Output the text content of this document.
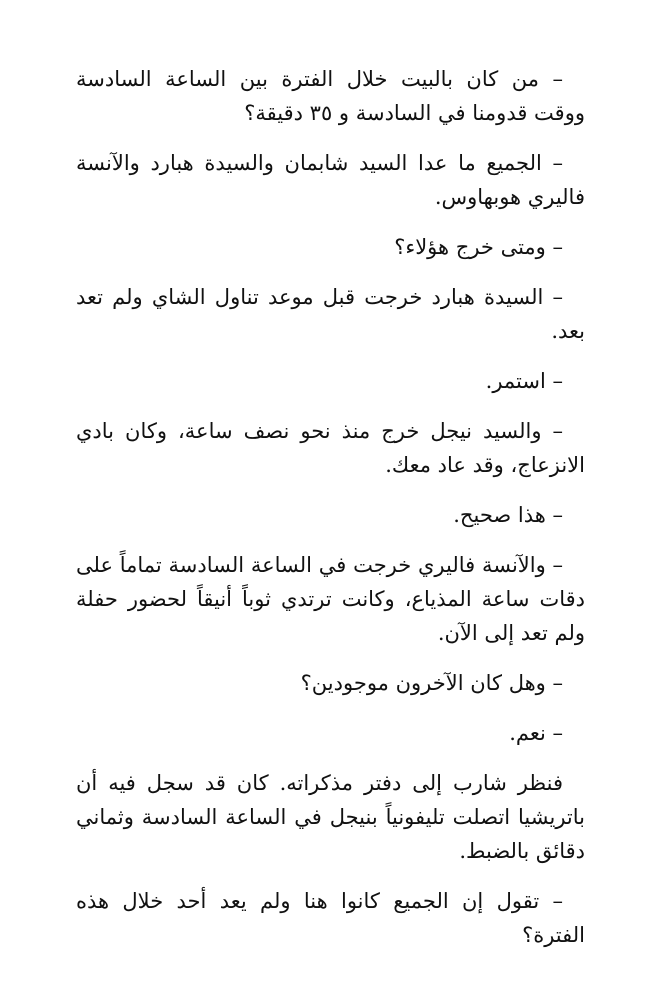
– من كان بالبيت خلال الفترة بين الساعة السادسة ووقت قدومنا في السادسة و ٣٥ دقيقة؟

– الجميع ما عدا السيد شابمان والسيدة هبارد والآنسة فاليري هوبهاوس.

– ومتى خرج هؤلاء؟

– السيدة هبارد خرجت قبل موعد تناول الشاي ولم تعد بعد.

– استمر.

– والسيد نيجل خرج منذ نحو نصف ساعة، وكان بادي الانزعاج، وقد عاد معك.

– هذا صحيح.

– والآنسة فاليري خرجت في الساعة السادسة تماماً على دقات ساعة المذياع، وكانت ترتدي ثوباً أنيقاً لحضور حفلة ولم تعد إلى الآن.

– وهل كان الآخرون موجودين؟

– نعم.

فنظر شارب إلى دفتر مذكراته. كان قد سجل فيه أن باتريشيا اتصلت تليفونياً بنيجل في الساعة السادسة وثماني دقائق بالضبط.

– تقول إن الجميع كانوا هنا ولم يعد أحد خلال هذه الفترة؟
